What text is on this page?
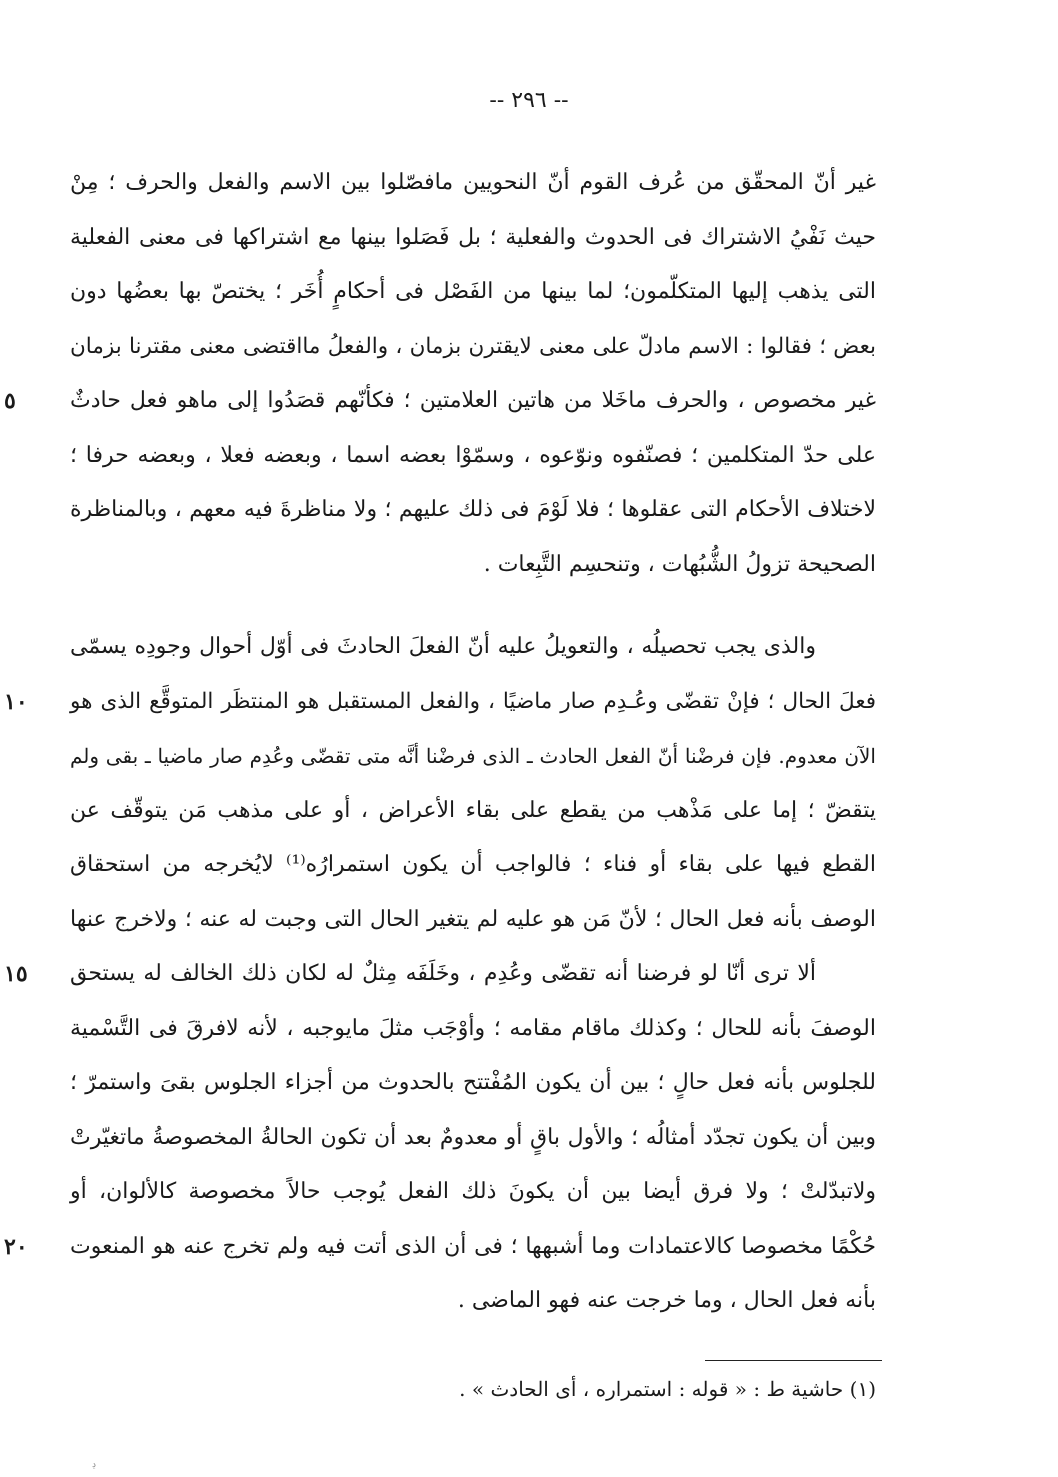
-- ٢٩٦ --
غير أنّ المحقّق من عُرف القوم أنّ النحويين مافصّلوا بين الاسم والفعل والحرف ؛ مِنْ
حيث نَفْيُ الاشتراك فى الحدوث والفعلية ؛ بل فَصَلوا بينها مع اشتراكها فى معنى الفعلية
التى يذهب إليها المتكلّمون؛ لما بينها من الفَصْل فى أحكامٍ أُخَر ؛ يختصّ بها بعضُها دون
بعض ؛ فقالوا : الاسم مادلّ على معنى لايقترن بزمان ، والفعلُ مااقتضى معنى مقترنا بزمان
غير مخصوص ، والحرف ماخَلا من هاتين العلامتين ؛ فكأنّهم قصَدُوا إلى ماهو فعل حادثٌ
٥
على حدّ المتكلمين ؛ فصنّفوه ونوّعوه ، وسمّوْا بعضه اسما ، وبعضه فعلا ، وبعضه حرفا ؛
لاختلاف الأحكام التى عقلوها ؛ فلا لَوْمَ فى ذلك عليهم ؛ ولا مناظرةَ فيه معهم ، وبالمناظرة
الصحيحة تزولُ الشُّبُهات ، وتنحسِم التَّبِعات .
والذى يجب تحصيلُه ، والتعويلُ عليه أنّ الفعلَ الحادثَ فى أوّل أحوال وجودِه يسمّى
فعلَ الحال ؛ فإنْ تقضّى وعُـدِم صار ماضيًا ، والفعل المستقبل هو المنتظَر المتوقَّع الذى هو
١٠
الآن معدوم. فإن فرضْنا أنّ الفعل الحادث ـ الذى فرضْنا أنَّه متى تقضّى وعُدِم صار ماضيا ـ بقى ولم
يتقضّ ؛ إما على مَذْهب من يقطع على بقاء الأعراض ، أو على مذهب مَن يتوقّف عن
القطع فيها على بقاء أو فناء ؛ فالواجب أن يكون استمرارُه⁽¹⁾ لايُخرجه من استحقاق
الوصف بأنه فعل الحال ؛ لأنّ مَن هو عليه لم يتغير الحال التى وجبت له عنه ؛ ولاخرج عنها
ألا ترى أنّا لو فرضنا أنه تقضّى وعُدِم ، وخَلَفَه مِثلٌ له لكان ذلك الخالف له يستحق
١٥
الوصفَ بأنه للحال ؛ وكذلك ماقام مقامه ؛ وأوْجَب مثلَ مايوجبه ، لأنه لافرقَ فى التَّسْمية
للجلوس بأنه فعل حالٍ ؛ بين أن يكون المُفْتتح بالحدوث من أجزاء الجلوس بقىَ واستمرّ ؛
وبين أن يكون تجدّد أمثالُه ؛ والأول باقٍ أو معدومٌ بعد أن تكون الحالةُ المخصوصةُ ماتغيّرتْ
ولاتبدّلتْ ؛ ولا فرق أيضا بين أن يكونَ ذلك الفعل يُوجب حالاً مخصوصة كالألوان، أو
حُكْمًا مخصوصا كالاعتمادات وما أشبهها ؛ فى أن الذى أتت فيه ولم تخرج عنه هو المنعوت
٢٠
بأنه فعل الحال ، وما خرجت عنه فهو الماضى .
(١) حاشية ط : « قوله : استمراره ، أى الحادث » .
ڍ
